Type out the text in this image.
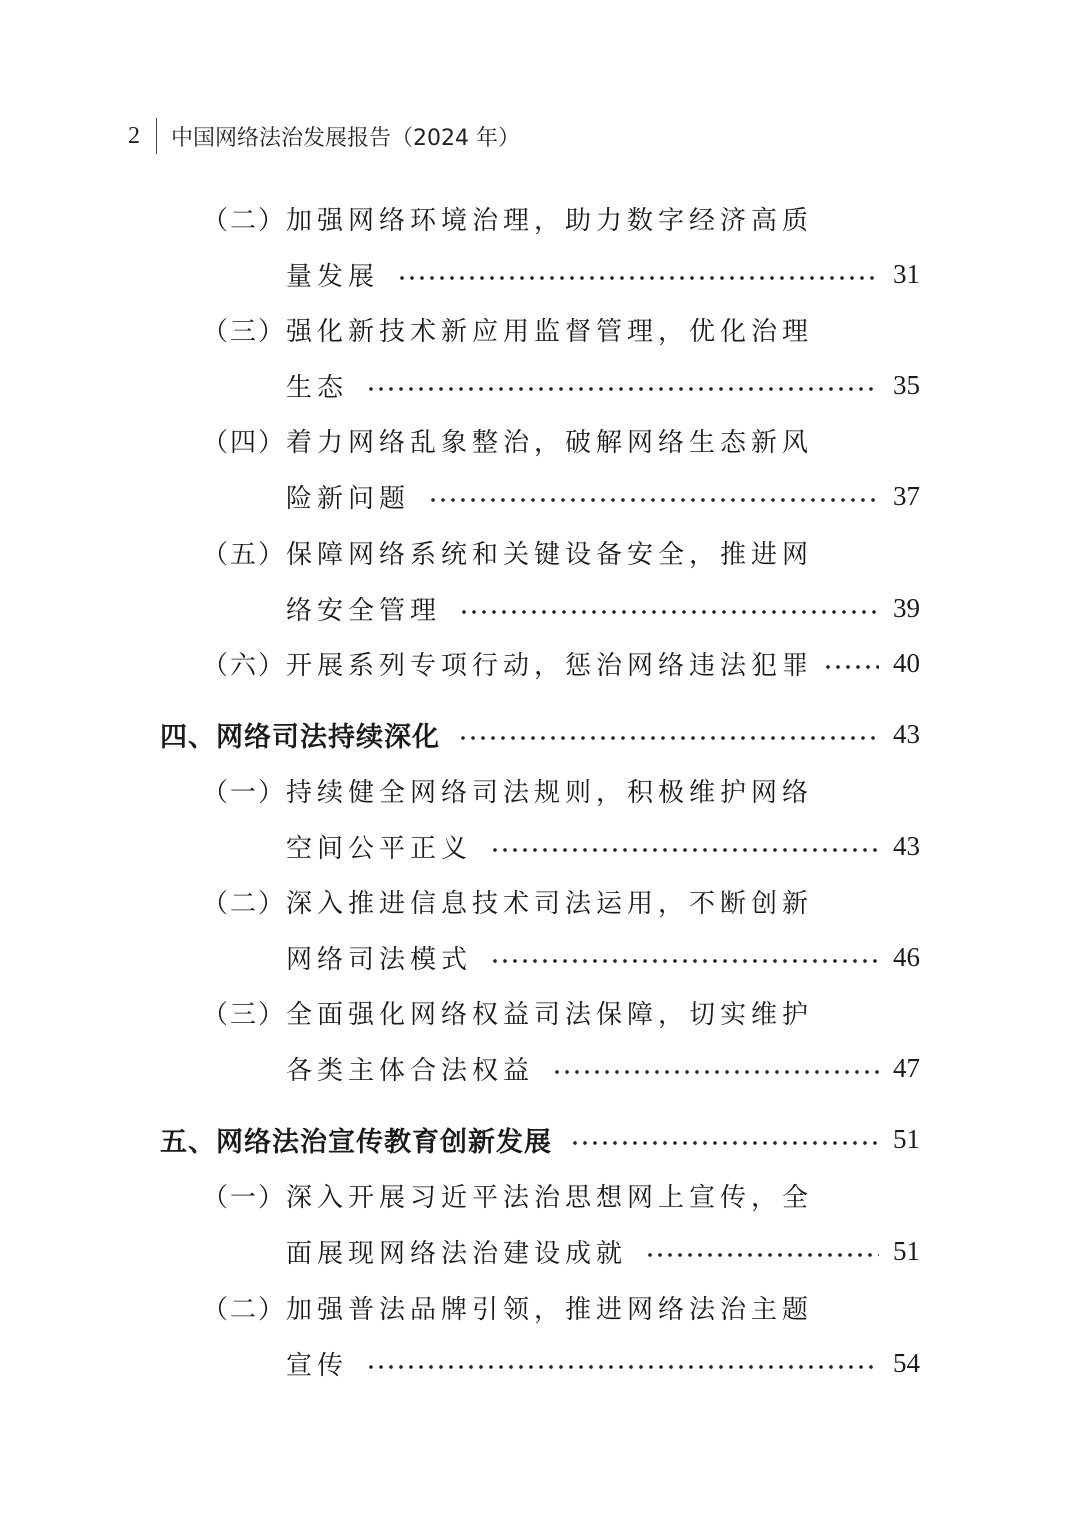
2	中国网络法治发展报告（2024 年）
（二） 加强网络环境治理，助力数字经济高质
量发展	31
（三） 强化新技术新应用监督管理，优化治理
生态	35
（四） 着力网络乱象整治，破解网络生态新风
险新问题	37
（五） 保障网络系统和关键设备安全，推进网
络安全管理	39
（六） 开展系列专项行动，惩治网络违法犯罪	40
四、网络司法持续深化	43
（一） 持续健全网络司法规则，积极维护网络
空间公平正义	43
（二） 深入推进信息技术司法运用，不断创新
网络司法模式	46
（三） 全面强化网络权益司法保障，切实维护
各类主体合法权益	47
五、网络法治宣传教育创新发展	51
（一） 深入开展习近平法治思想网上宣传，全
面展现网络法治建设成就	51
（二） 加强普法品牌引领，推进网络法治主题
宣传	54
